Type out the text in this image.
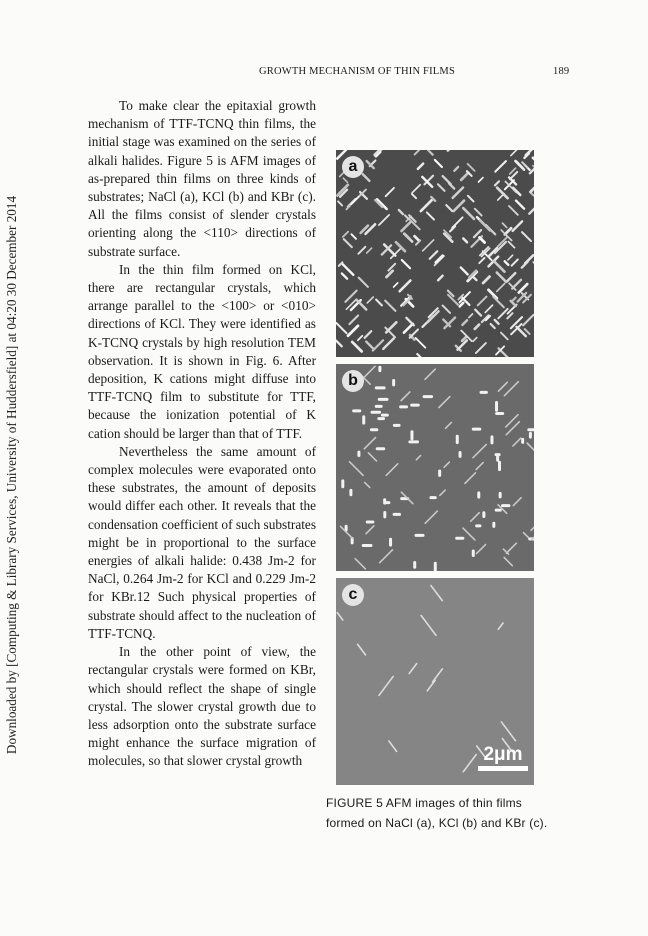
Downloaded by [Computing & Library Services, University of Huddersfield] at 04:20 30 December 2014
GROWTH MECHANISM OF THIN FILMS	189

To make clear the epitaxial growth mechanism of TTF-TCNQ thin films, the initial stage was examined on the series of alkali halides. Figure 5 is AFM images of as-prepared thin films on three kinds of substrates; NaCl (a), KCl (b) and KBr (c). All the films consist of slender crystals orienting along the <110> directions of substrate surface.

In the thin film formed on KCl, there are rectangular crystals, which arrange parallel to the <100> or <010> directions of KCl. They were identified as K-TCNQ crystals by high resolution TEM observation. It is shown in Fig. 6. After deposition, K cations might diffuse into TTF-TCNQ film to substitute for TTF, because the ionization potential of K cation should be larger than that of TTF.

Nevertheless the same amount of complex molecules were evaporated onto these substrates, the amount of deposits would differ each other. It reveals that the condensation coefficient of such substrates might be in proportional to the surface energies of alkali halide: 0.438 Jm-2 for NaCl, 0.264 Jm-2 for KCl and 0.229 Jm-2 for KBr.12 Such physical properties of substrate should affect to the nucleation of TTF-TCNQ.

In the other point of view, the rectangular crystals were formed on KBr, which should reflect the shape of single crystal. The slower crystal growth due to less adsorption onto the substrate surface might enhance the surface migration of molecules, so that slower crystal growth

a
b
c
2μm
FIGURE 5 AFM images of thin films formed on NaCl (a), KCl (b) and KBr (c).
